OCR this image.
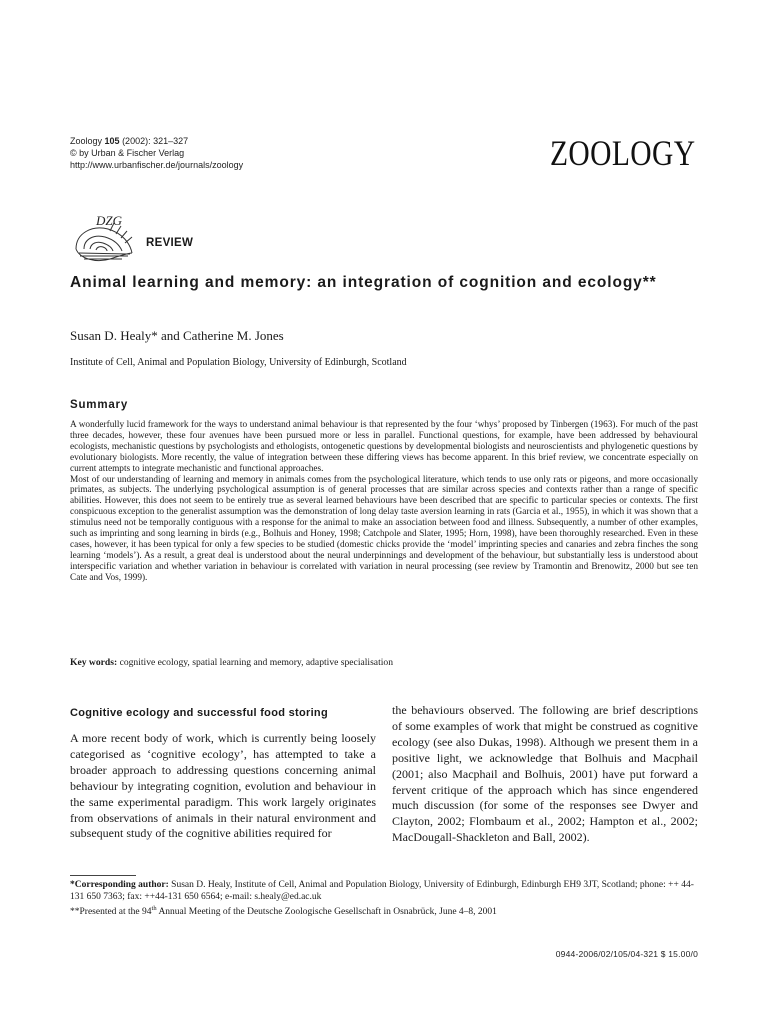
Zoology 105 (2002): 321–327
© by Urban & Fischer Verlag
http://www.urbanfischer.de/journals/zoology	ZOOLOGY
DZG
REVIEW
Animal learning and memory: an integration of cognition and ecology**
Susan D. Healy* and Catherine M. Jones
Institute of Cell, Animal and Population Biology, University of Edinburgh, Scotland
Summary

A wonderfully lucid framework for the ways to understand animal behaviour is that represented by the four ‘whys’ proposed by Tinbergen (1963). For much of the past three decades, however, these four avenues have been pursued more or less in parallel. Functional questions, for example, have been addressed by behavioural ecologists, mechanistic questions by psychologists and ethologists, ontogenetic questions by developmental biologists and neuroscientists and phylogenetic questions by evolutionary biologists. More recently, the value of integration between these differing views has become apparent. In this brief review, we concentrate especially on current attempts to integrate mechanistic and functional approaches.

Most of our understanding of learning and memory in animals comes from the psychological literature, which tends to use only rats or pigeons, and more occasionally primates, as subjects. The underlying psychological assumption is of general processes that are similar across species and contexts rather than a range of specific abilities. However, this does not seem to be entirely true as several learned behaviours have been described that are specific to particular species or contexts. The first conspicuous exception to the generalist assumption was the demonstration of long delay taste aversion learning in rats (Garcia et al., 1955), in which it was shown that a stimulus need not be temporally contiguous with a response for the animal to make an association between food and illness. Subsequently, a number of other examples, such as imprinting and song learning in birds (e.g., Bolhuis and Honey, 1998; Catchpole and Slater, 1995; Horn, 1998), have been thoroughly researched. Even in these cases, however, it has been typical for only a few species to be studied (domestic chicks provide the ‘model’ imprinting species and canaries and zebra finches the song learning ‘models’). As a result, a great deal is understood about the neural underpinnings and development of the behaviour, but substantially less is understood about interspecific variation and whether variation in behaviour is correlated with variation in neural processing (see review by Tramontin and Brenowitz, 2000 but see ten Cate and Vos, 1999).

Key words: cognitive ecology, spatial learning and memory, adaptive specialisation
Cognitive ecology and successful food storing
A more recent body of work, which is currently being loosely categorised as ‘cognitive ecology’, has attempted to take a broader approach to addressing questions concerning animal behaviour by integrating cognition, evolution and behaviour in the same experimental paradigm. This work largely originates from observations of animals in their natural environment and subsequent study of the cognitive abilities required for
the behaviours observed. The following are brief descriptions of some examples of work that might be construed as cognitive ecology (see also Dukas, 1998). Although we present them in a positive light, we acknowledge that Bolhuis and Macphail (2001; also Macphail and Bolhuis, 2001) have put forward a fervent critique of the approach which has since engendered much discussion (for some of the responses see Dwyer and Clayton, 2002; Flombaum et al., 2002; Hampton et al., 2002; MacDougall-Shackleton and Ball, 2002).

*Corresponding author: Susan D. Healy, Institute of Cell, Animal and Population Biology, University of Edinburgh, Edinburgh EH9 3JT, Scotland; phone: ++ 44-131 650 7363; fax: ++44-131 650 6564; e-mail: s.healy@ed.ac.uk

**Presented at the 94th Annual Meeting of the Deutsche Zoologische Gesellschaft in Osnabrück, June 4–8, 2001

0944-2006/02/105/04-321 $ 15.00/0
